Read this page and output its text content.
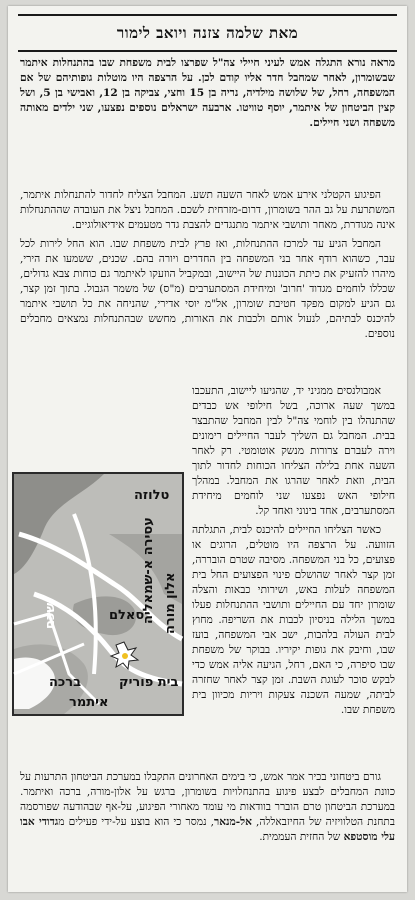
מאת שלמה צזנה ויואב לימור

מראה נורא התגלה אמש לעיני חיילי צה"ל שפרצו לבית משפחת שבו בהתנחלות איתמר שבשומרון, לאחר שמחבל חדר אליו קודם לכן. על הרצפה היו מוטלות גופותיהם של אם המשפחה, רחל, של שלושה מילדיה, נריה בן 15 וחצי, צביקה בן 12, ואבישי בן 5, ושל קצין הביטחון של איתמר, יוסף טוויטו. ארבעה ישראלים נוספים נפצעו, שני ילדים מאותה משפחה ושני חיילים.

הפיגוע הקטלני אירע אמש לאחר השעה תשע. המחבל הצליח לחדור להתנחלות איתמר, המשתרעת על גב ההר בשומרון, דרום-מזרחית לשכם. המחבל ניצל את העובדה שההתנחלות אינה מגודרת, מאחר ותושבי איתמר מתנגדים להצבת גדר מטעמים אידיאולוגיים.

המחבל הגיע עד למרכז ההתנחלות, ואז פרץ לבית משפחת שבו. הוא החל לירות לכל עבר, כשהוא רודף אחר בני המשפחה בין החדרים ויורה בהם. שכנים, ששמעו את הירי, מיהרו להזעיק את כיתת הכוננות של היישוב, ובמקביל הוזעקו לאיתמר גם כוחות צבא גדולים, שכללו לוחמים מגדוד 'חרוב' ומיחידת המסתערבים (מ"ס) של משמר הגבול. בתוך זמן קצר, גם הגיע למקום מפקד חטיבת שומרון, אל"מ יוסי אדירי, שהניחה את כל תושבי איתמר להיכנס לבתיהם, לנעול אותם ולכבות את האורות, מחשש שבהתנחלות נמצאים מחבלים נוספים.

אמבולנסים ממגיני יד, שהגיעו ליישוב, התעכבו במשך שעה ארוכה, בשל חילופי אש כבדים שהתנהלו בין לוחמי צה"ל לבין המחבל שהתבצר בבית. המחבל גם השליך לעבר החיילים רימונים וירה לעברם צרורות מנשק אוטומטי. רק לאחר השעה אחת בלילה הצליחו הכוחות לחדור לתוך הבית, וזאת לאחר שהרגו את המחבל. במהלך חילופי האש נפצעו שני לוחמים מיחידת המסתערבים, אחד בינוני ואחד קל.

כאשר הצליחו החיילים להיכנס לבית, התגלתה הזוועה. על הרצפה היו מוטלים, הרוגים או פצועים, כל בני המשפחה. מסיבה שטרם הובררה, זמן קצר לאחר שהושלם פינוי הפצועים החל בית המשפחה לעלות באש, ושירותי כבאות והצלה שומרון יחד עם החיילים ותושבי ההתנחלות פעלו במשך הלילה בניסיון לכבות את השריפה. מחוץ לבית העולה בלהבות, ישב אבי המשפחה, בועז שבו, וחיבק את גופות יקיריו. בבוקר של משפחת שבו סיפרה, כי האם, רחל, הגיעה אליה אמש כדי לבקש סוכר לעוגת השבת. זמן קצר לאחר שחזרה לביתה, שמעה השכנה צעקות ויריות מכיוון בית משפחת שבו.

טלוזה
אלון מורה
עסירה א-שמאליה
שכם	סאלם
ברכה	בית פוריק
איתמר

גורם ביטחוני בכיר אמר אמש, כי בימים האחרונים התקבלו במערכת הביטחון התרעות על כוונת המחבלים לבצע פיגוע בהתנחלויות בשומרון, ברגש על אלון-מורה, ברכה ואיתמר. במערכת הביטחון טרם הוברר בוודאות מי עומד מאחורי הפיגוע, על-אף שבהודעה שפורסמה בתחנת הטלוויזיה של החיזבאללה, אל-מנאר, נמסר כי הוא בוצע על-ידי פעילים מגדודי אבו עלי מוסטפא של החזית העממית.
